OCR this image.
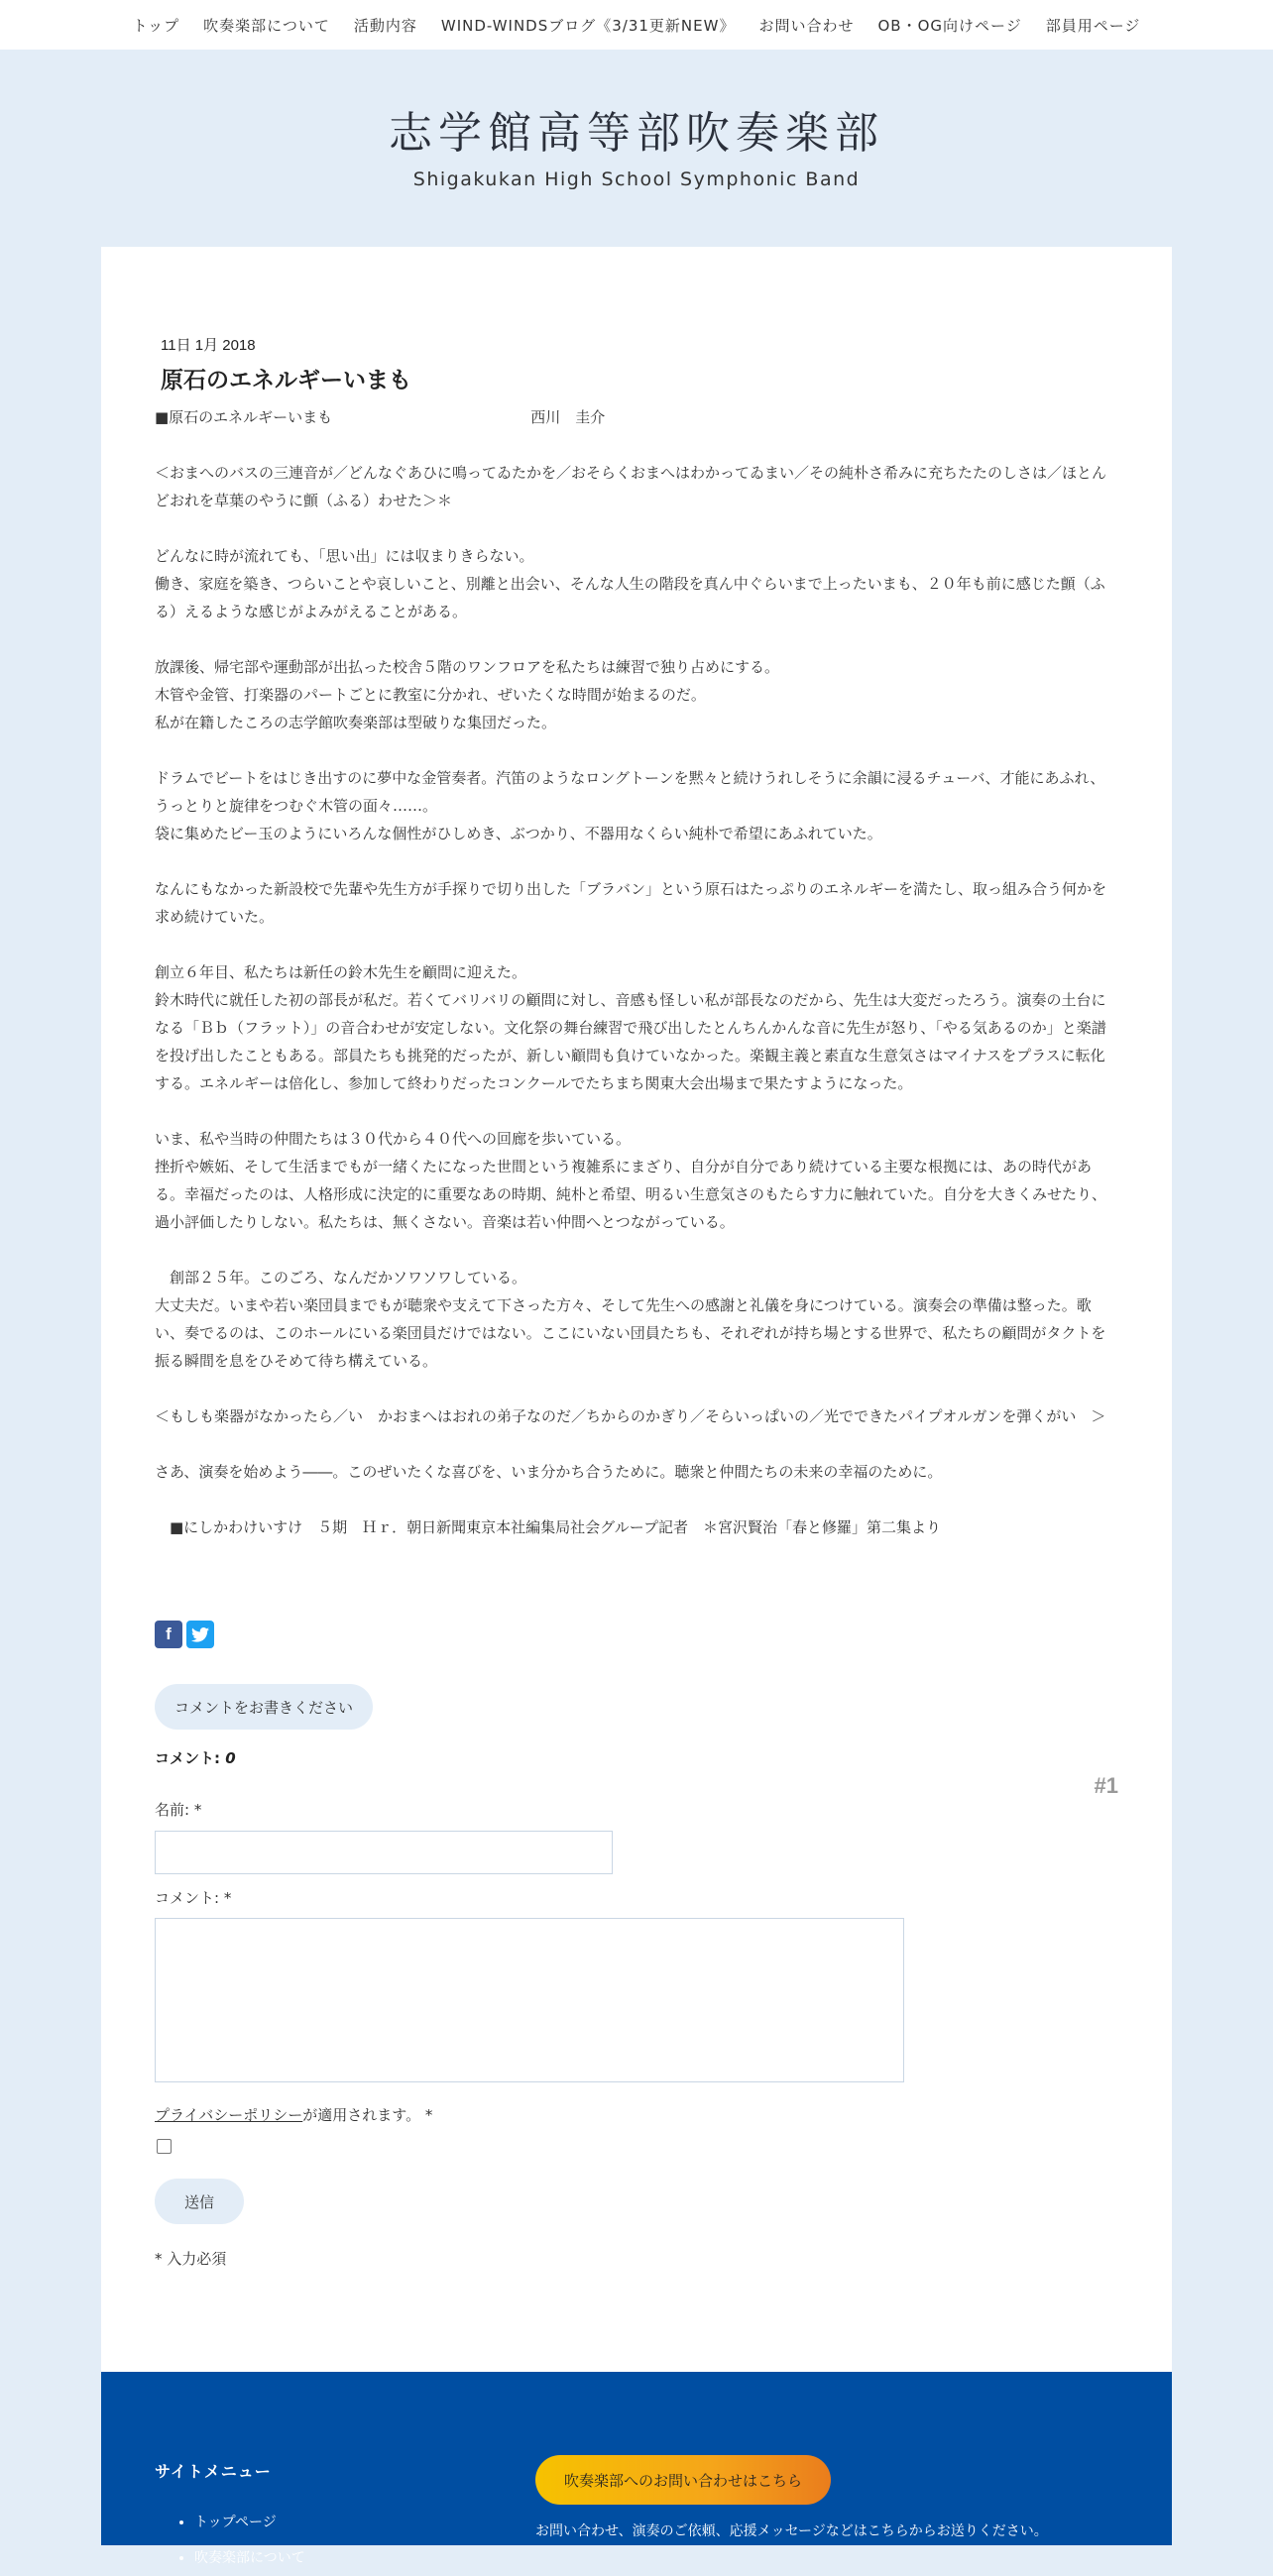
トップ 吹奏楽部について 活動内容 WIND-WINDSブログ《3/31更新NEW》 お問い合わせ OB・OG向けページ 部員用ページ
志学館高等部吹奏楽部
Shigakukan High School Symphonic Band
11日 1月 2018
原石のエネルギーいまも

■原石のエネルギーいまも	西川　圭介

＜おまへのバスの三連音が／どんなぐあひに鳴ってゐたかを／おそらくおまへはわかってゐまい／その純朴さ希みに充ちたたのしさは／ほとんどおれを草葉のやうに顫（ふる）わせた＞＊

どんなに時が流れても、「思い出」には収まりきらない。
働き、家庭を築き、つらいことや哀しいこと、別離と出会い、そんな人生の階段を真ん中ぐらいまで上ったいまも、２０年も前に感じた顫（ふる）えるような感じがよみがえることがある。

放課後、帰宅部や運動部が出払った校舎５階のワンフロアを私たちは練習で独り占めにする。
木管や金管、打楽器のパートごとに教室に分かれ、ぜいたくな時間が始まるのだ。
私が在籍したころの志学館吹奏楽部は型破りな集団だった。

ドラムでビートをはじき出すのに夢中な金管奏者。汽笛のようなロングトーンを黙々と続けうれしそうに余韻に浸るチューバ、才能にあふれ、うっとりと旋律をつむぐ木管の面々……。
袋に集めたビー玉のようにいろんな個性がひしめき、ぶつかり、不器用なくらい純朴で希望にあふれていた。

なんにもなかった新設校で先輩や先生方が手探りで切り出した「ブラバン」という原石はたっぷりのエネルギーを満たし、取っ組み合う何かを求め続けていた。

創立６年目、私たちは新任の鈴木先生を顧問に迎えた。
鈴木時代に就任した初の部長が私だ。若くてバリバリの顧問に対し、音感も怪しい私が部長なのだから、先生は大変だったろう。演奏の土台になる「Ｂｂ（フラット）」の音合わせが安定しない。文化祭の舞台練習で飛び出したとんちんかんな音に先生が怒り、「やる気あるのか」と楽譜を投げ出したこともある。部員たちも挑発的だったが、新しい顧問も負けていなかった。楽観主義と素直な生意気さはマイナスをプラスに転化する。エネルギーは倍化し、参加して終わりだったコンクールでたちまち関東大会出場まで果たすようになった。

いま、私や当時の仲間たちは３０代から４０代への回廊を歩いている。
挫折や嫉妬、そして生活までもが一緒くたになった世間という複雑系にまざり、自分が自分であり続けている主要な根拠には、あの時代がある。幸福だったのは、人格形成に決定的に重要なあの時期、純朴と希望、明るい生意気さのもたらす力に触れていた。自分を大きくみせたり、過小評価したりしない。私たちは、無くさない。音楽は若い仲間へとつながっている。

　創部２５年。このごろ、なんだかソワソワしている。
大丈夫だ。いまや若い楽団員までもが聴衆や支えて下さった方々、そして先生への感謝と礼儀を身につけている。演奏会の準備は整った。歌い、奏でるのは、このホールにいる楽団員だけではない。ここにいない団員たちも、それぞれが持ち場とする世界で、私たちの顧問がタクトを振る瞬間を息をひそめて待ち構えている。

＜もしも楽器がなかったら／い　かおまへはおれの弟子なのだ／ちからのかぎり／そらいっぱいの／光でできたパイプオルガンを弾くがい　＞

さあ、演奏を始めよう――。このぜいたくな喜びを、いま分かち合うために。聴衆と仲間たちの未来の幸福のために。

　■にしかわけいすけ　５期　Ｈｒ．朝日新聞東京本社編集局社会グループ記者　＊宮沢賢治「春と修羅」第二集より

f
コメントをお書きください
コメント: 0
#1
名前: *
コメント: *
プライバシーポリシーが適用されます。 *
送信
* 入力必須
サイトメニュー
• トップページ
• 吹奏楽部について
吹奏楽部へのお問い合わせはこちら
お問い合わせ、演奏のご依頼、応援メッセージなどはこちらからお送りください。
